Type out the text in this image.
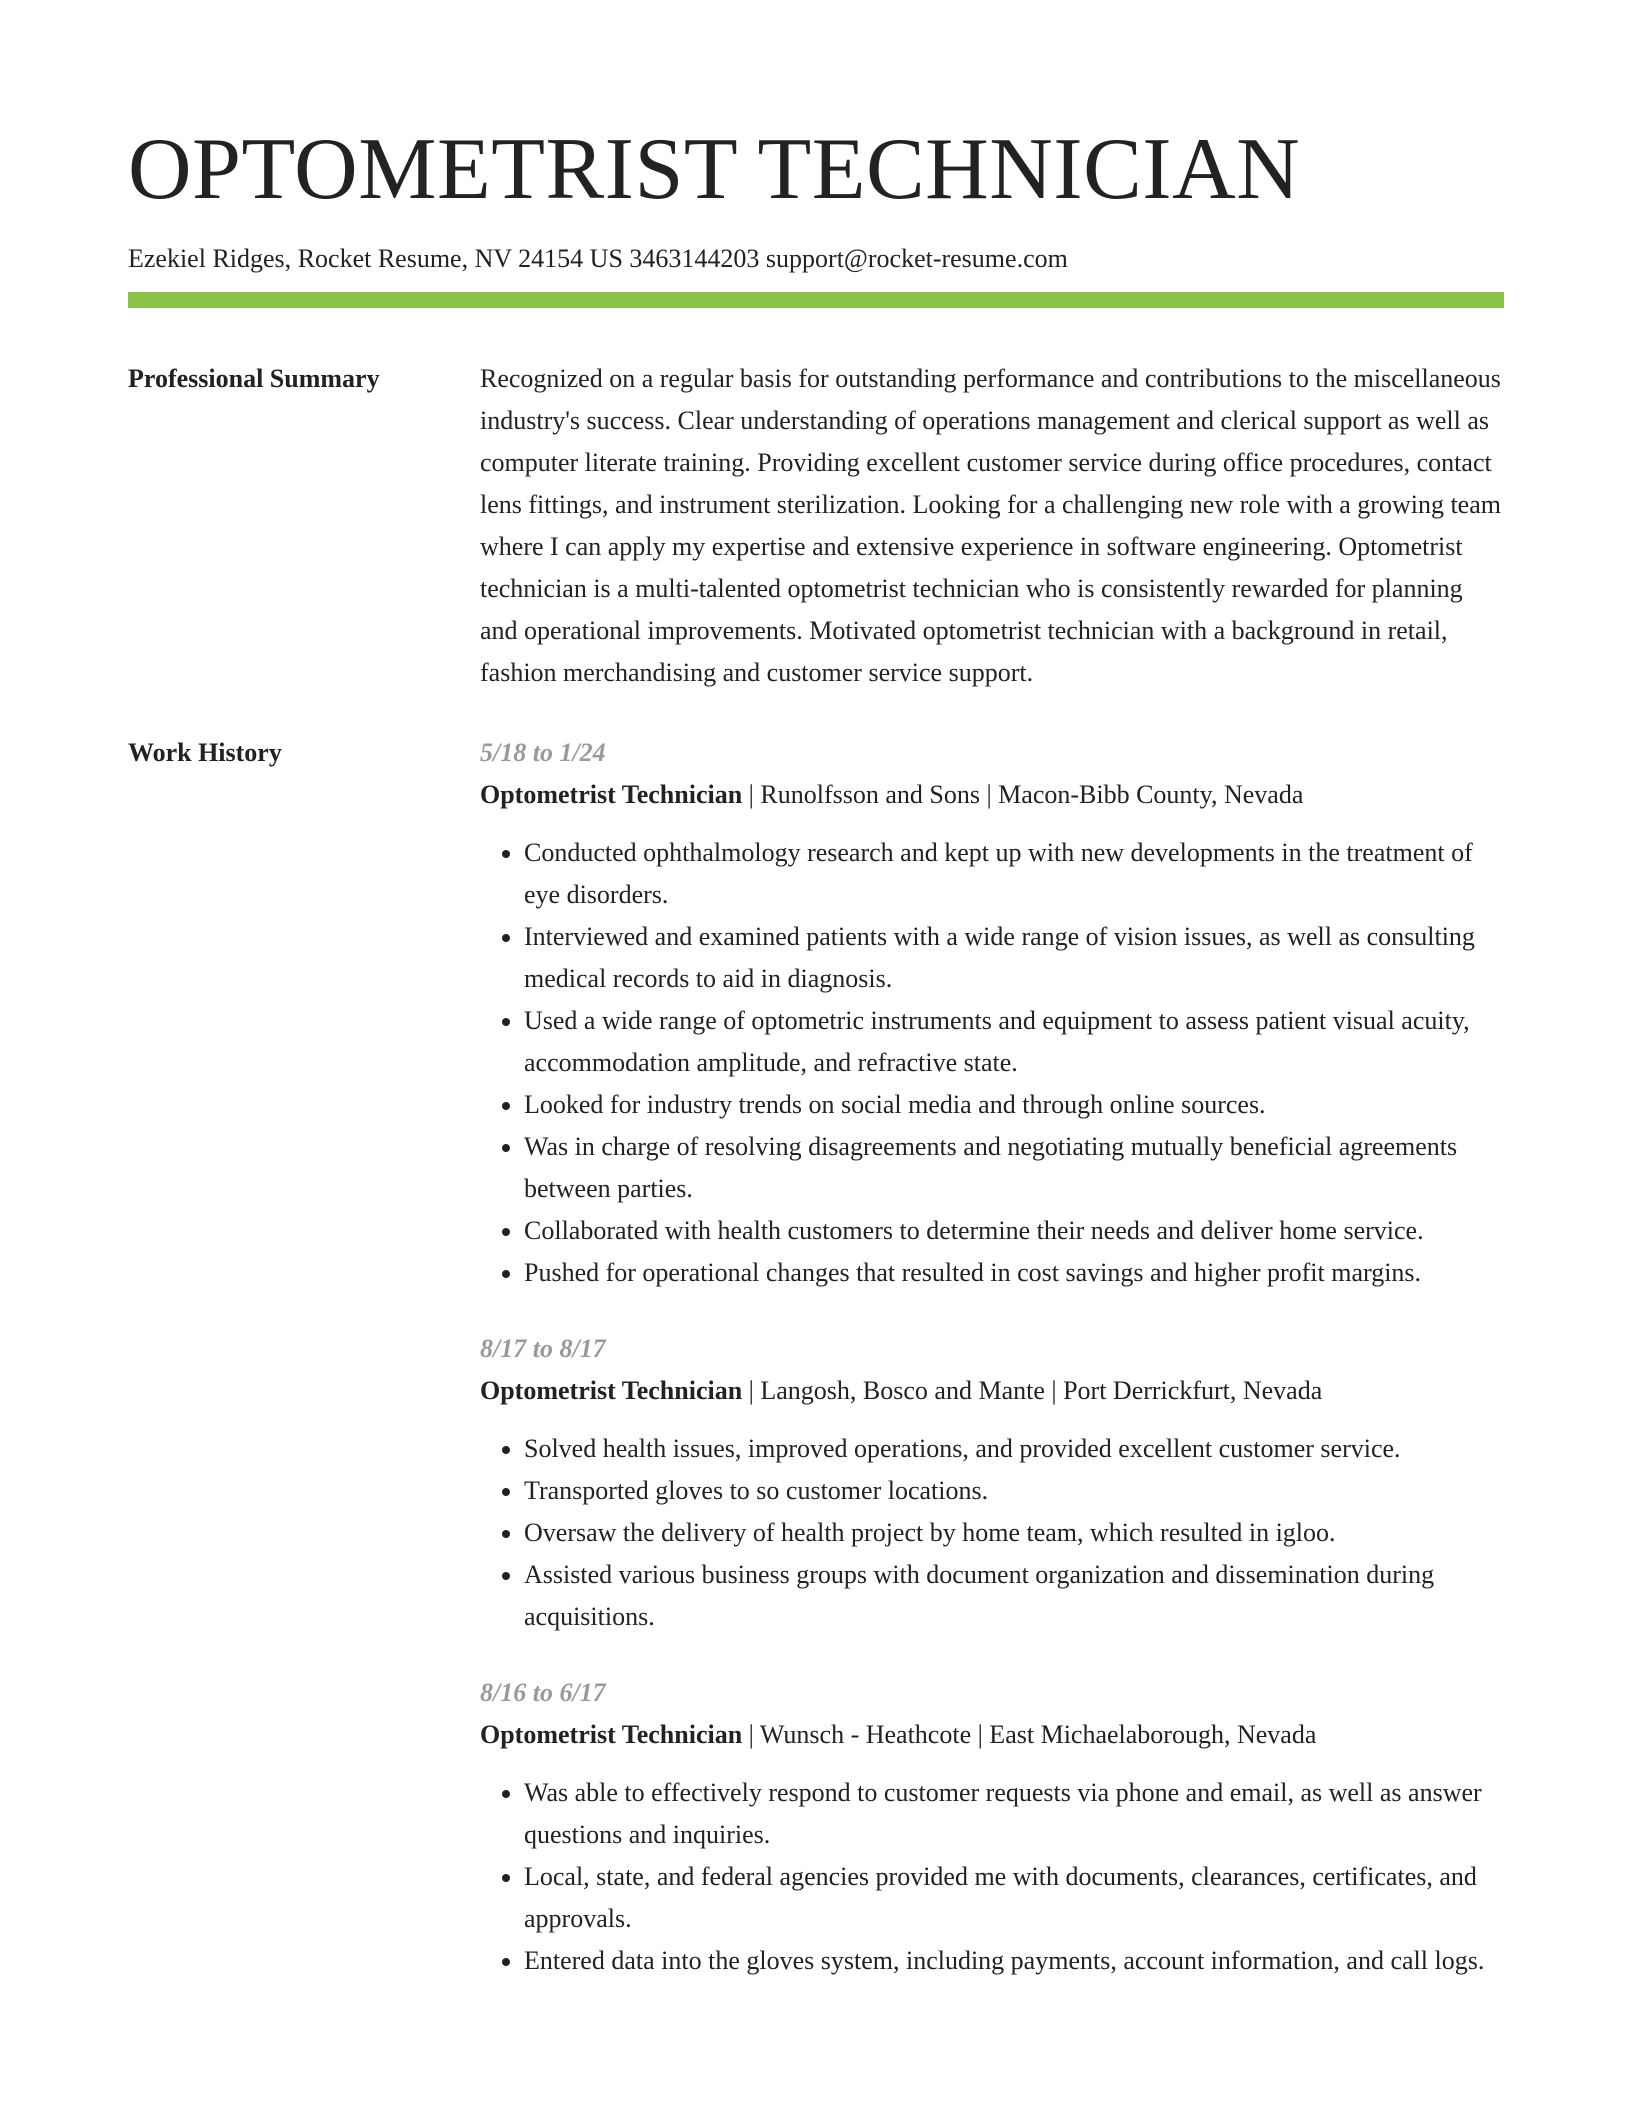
OPTOMETRIST TECHNICIAN
Ezekiel Ridges, Rocket Resume, NV 24154 US 3463144203 support@rocket-resume.com
Professional Summary	Recognized on a regular basis for outstanding performance and contributions to the miscellaneous industry's success. Clear understanding of operations management and clerical support as well as computer literate training. Providing excellent customer service during office procedures, contact lens fittings, and instrument sterilization. Looking for a challenging new role with a growing team where I can apply my expertise and extensive experience in software engineering. Optometrist technician is a multi-talented optometrist technician who is consistently rewarded for planning and operational improvements. Motivated optometrist technician with a background in retail, fashion merchandising and customer service support.

Work History	5/18 to 1/24
Optometrist Technician | Runolfsson and Sons | Macon-Bibb County, Nevada
• Conducted ophthalmology research and kept up with new developments in the treatment of eye disorders.
• Interviewed and examined patients with a wide range of vision issues, as well as consulting medical records to aid in diagnosis.
• Used a wide range of optometric instruments and equipment to assess patient visual acuity, accommodation amplitude, and refractive state.
• Looked for industry trends on social media and through online sources.
• Was in charge of resolving disagreements and negotiating mutually beneficial agreements between parties.
• Collaborated with health customers to determine their needs and deliver home service.
• Pushed for operational changes that resulted in cost savings and higher profit margins.
8/17 to 8/17
Optometrist Technician | Langosh, Bosco and Mante | Port Derrickfurt, Nevada
• Solved health issues, improved operations, and provided excellent customer service.
• Transported gloves to so customer locations.
• Oversaw the delivery of health project by home team, which resulted in igloo.
• Assisted various business groups with document organization and dissemination during acquisitions.
8/16 to 6/17
Optometrist Technician | Wunsch - Heathcote | East Michaelaborough, Nevada
• Was able to effectively respond to customer requests via phone and email, as well as answer questions and inquiries.
• Local, state, and federal agencies provided me with documents, clearances, certificates, and approvals.
• Entered data into the gloves system, including payments, account information, and call logs.
